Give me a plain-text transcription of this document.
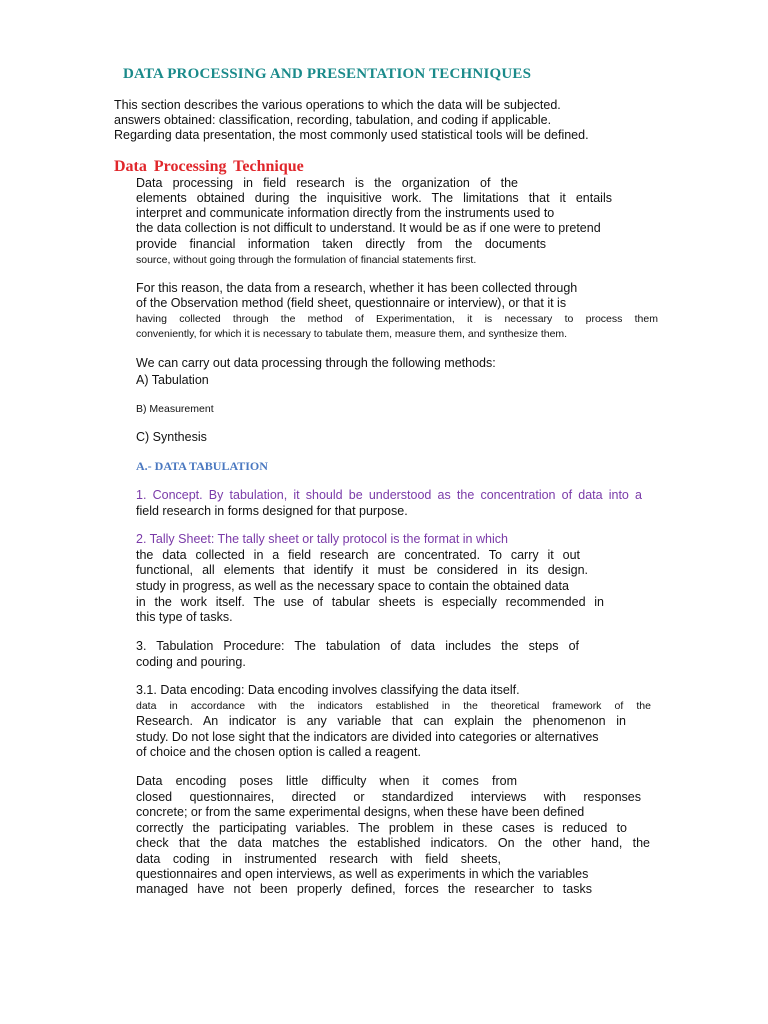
DATA PROCESSING AND PRESENTATION TECHNIQUES
This section describes the various operations to which the data will be subjected.
answers obtained: classification, recording, tabulation, and coding if applicable.
Regarding data presentation, the most commonly used statistical tools will be defined.
Data Processing Technique
Data processing in field research is the organization of the
elements obtained during the inquisitive work. The limitations that it entails
interpret and communicate information directly from the instruments used to
the data collection is not difficult to understand. It would be as if one were to pretend
provide financial information taken directly from the documents
source, without going through the formulation of financial statements first.
For this reason, the data from a research, whether it has been collected through
of the Observation method (field sheet, questionnaire or interview), or that it is
having collected through the method of Experimentation, it is necessary to process them
conveniently, for which it is necessary to tabulate them, measure them, and synthesize them.
We can carry out data processing through the following methods:
A) Tabulation
B) Measurement
C) Synthesis
A.- DATA TABULATION
1. Concept. By tabulation, it should be understood as the concentration of data into a
field research in forms designed for that purpose.
2. Tally Sheet: The tally sheet or tally protocol is the format in which
the data collected in a field research are concentrated. To carry it out
functional, all elements that identify it must be considered in its design.
study in progress, as well as the necessary space to contain the obtained data
in the work itself. The use of tabular sheets is especially recommended in
this type of tasks.
3. Tabulation Procedure: The tabulation of data includes the steps of
coding and pouring.
3.1. Data encoding: Data encoding involves classifying the data itself.
data in accordance with the indicators established in the theoretical framework of the
Research. An indicator is any variable that can explain the phenomenon in
study. Do not lose sight that the indicators are divided into categories or alternatives
of choice and the chosen option is called a reagent.
Data encoding poses little difficulty when it comes from
closed questionnaires, directed or standardized interviews with responses
concrete; or from the same experimental designs, when these have been defined
correctly the participating variables. The problem in these cases is reduced to
check that the data matches the established indicators. On the other hand, the
data coding in instrumented research with field sheets,
questionnaires and open interviews, as well as experiments in which the variables
managed have not been properly defined, forces the researcher to tasks
